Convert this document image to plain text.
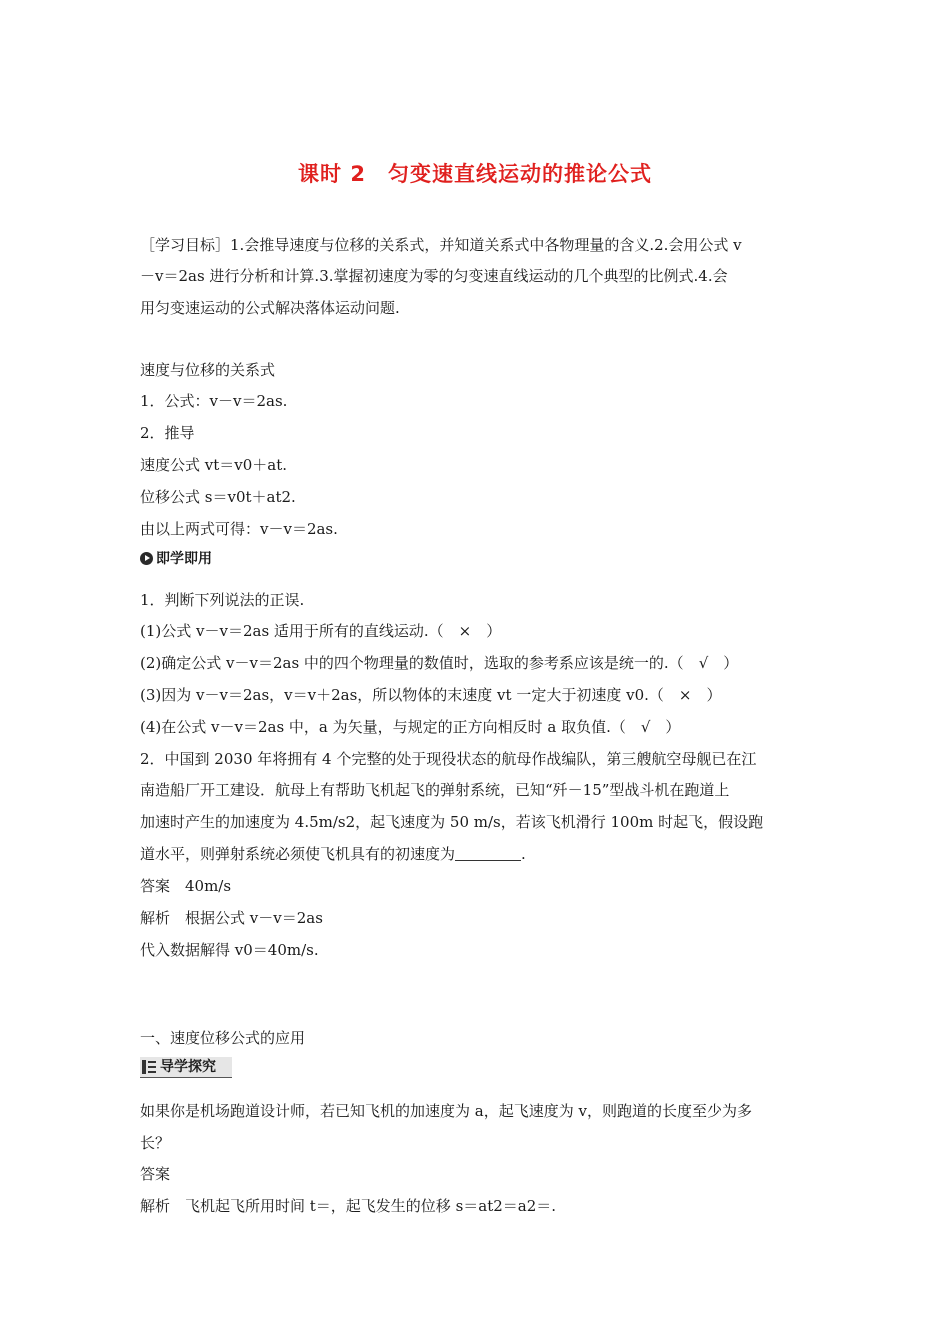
课时 2　匀变速直线运动的推论公式
［学习目标］1.会推导速度与位移的关系式，并知道关系式中各物理量的含义.2.会用公式 v
－v＝2as 进行分析和计算.3.掌握初速度为零的匀变速直线运动的几个典型的比例式.4.会
用匀变速运动的公式解决落体运动问题.
速度与位移的关系式
1．公式：v－v＝2as.
2．推导
速度公式 vt＝v0＋at.
位移公式 s＝v0t＋at2.
由以上两式可得：v－v＝2as.
即学即用
1．判断下列说法的正误.
(1)公式 v－v＝2as 适用于所有的直线运动.（　×　）
(2)确定公式 v－v＝2as 中的四个物理量的数值时，选取的参考系应该是统一的.（　√　）
(3)因为 v－v＝2as，v＝v＋2as，所以物体的末速度 vt 一定大于初速度 v0.（　×　）
(4)在公式 v－v＝2as 中，a 为矢量，与规定的正方向相反时 a 取负值.（　√　）
2．中国到 2030 年将拥有 4 个完整的处于现役状态的航母作战编队，第三艘航空母舰已在江
南造船厂开工建设．航母上有帮助飞机起飞的弹射系统，已知“歼－15”型战斗机在跑道上
加速时产生的加速度为 4.5m/s2，起飞速度为 50 m/s，若该飞机滑行 100m 时起飞，假设跑
道水平，则弹射系统必须使飞机具有的初速度为	.
答案　40m/s
解析　根据公式 v－v＝2as
代入数据解得 v0＝40m/s.
一、速度位移公式的应用
导学探究
如果你是机场跑道设计师，若已知飞机的加速度为 a，起飞速度为 v，则跑道的长度至少为多
长？
答案
解析　飞机起飞所用时间 t＝，起飞发生的位移 s＝at2＝a2＝.
